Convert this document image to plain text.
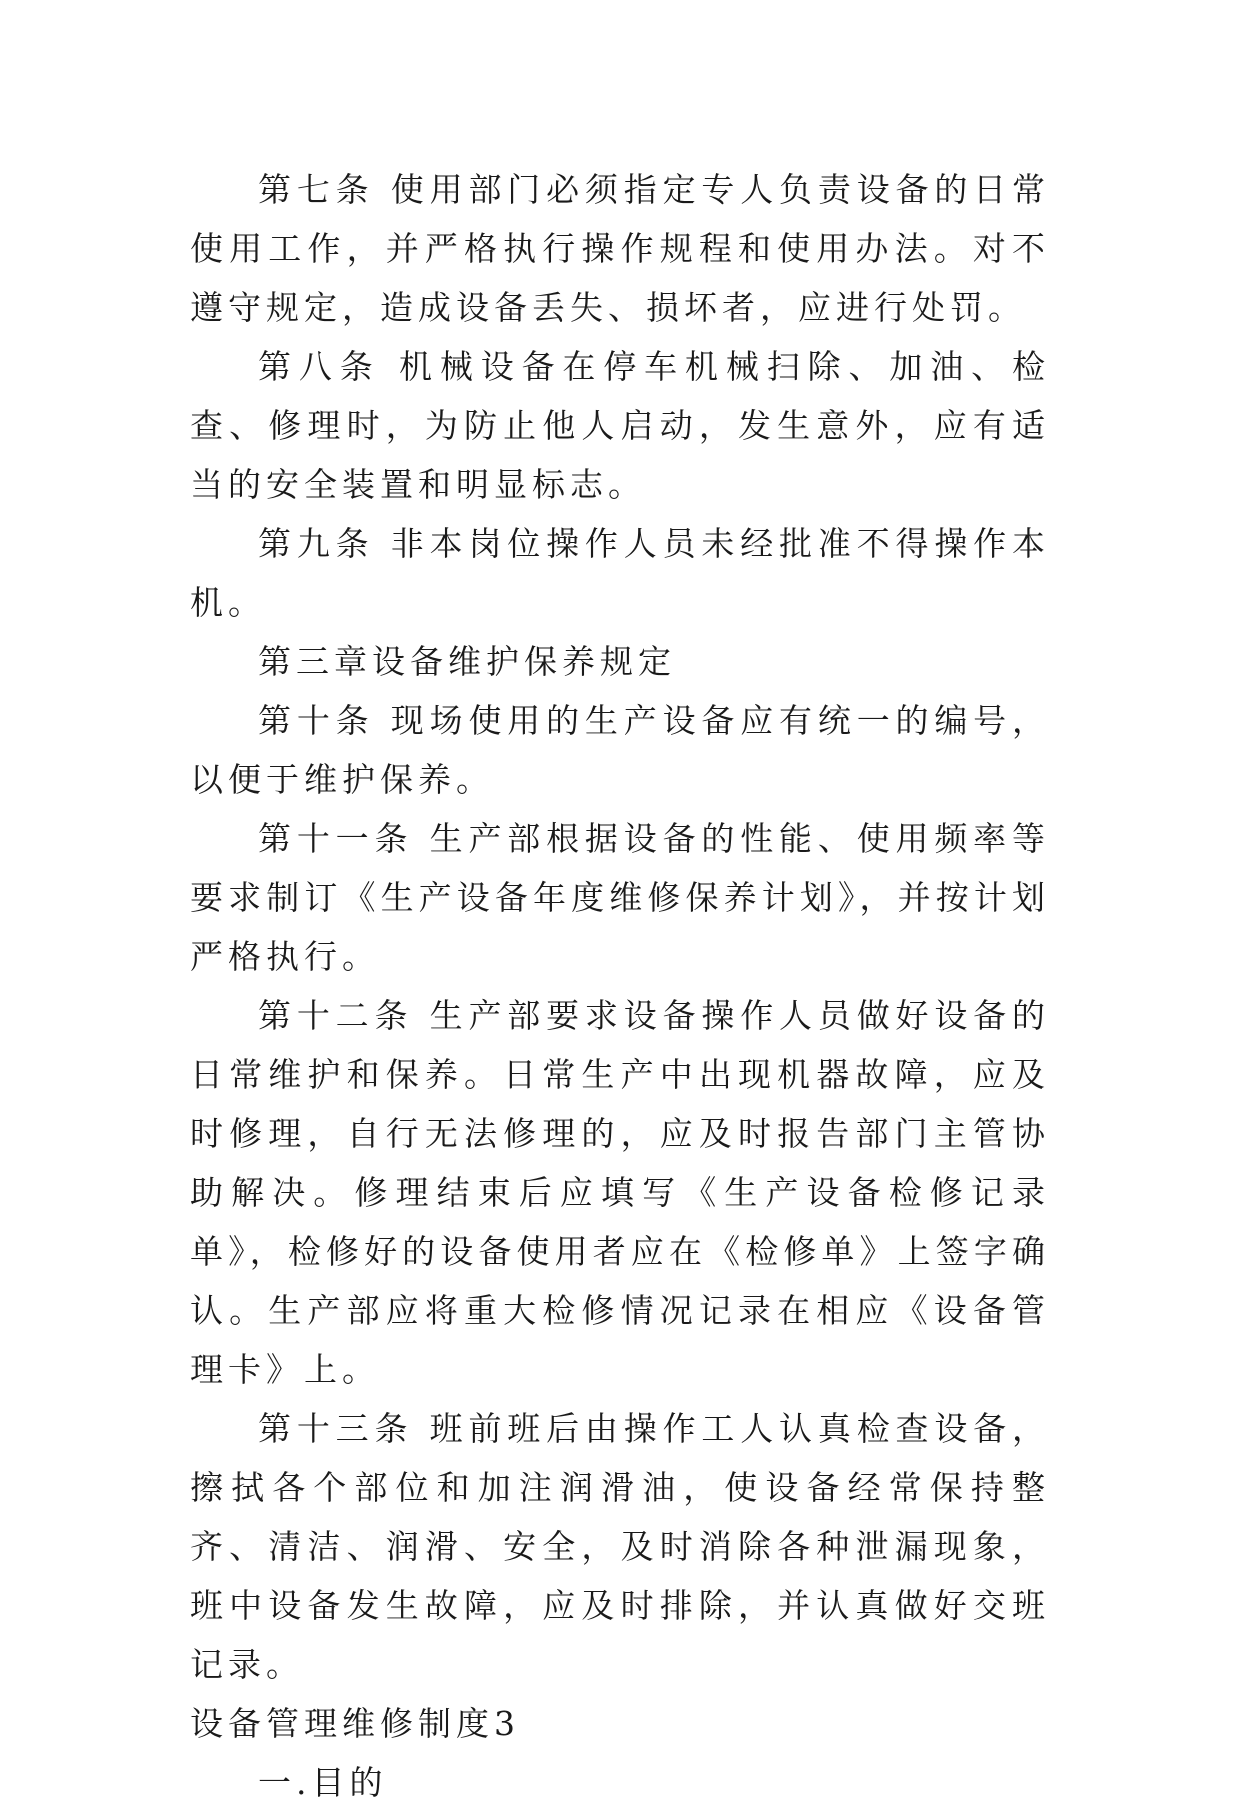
第七条 使用部门必须指定专人负责设备的日常使用工作，并严格执行操作规程和使用办法。对不遵守规定，造成设备丢失、损坏者，应进行处罚。

第八条 机械设备在停车机械扫除、加油、检查、修理时，为防止他人启动，发生意外，应有适当的安全装置和明显标志。

第九条 非本岗位操作人员未经批准不得操作本机。

第三章设备维护保养规定

第十条 现场使用的生产设备应有统一的编号，以便于维护保养。

第十一条 生产部根据设备的性能、使用频率等要求制订《生产设备年度维修保养计划》，并按计划严格执行。

第十二条 生产部要求设备操作人员做好设备的日常维护和保养。日常生产中出现机器故障，应及时修理，自行无法修理的，应及时报告部门主管协助解决。修理结束后应填写《生产设备检修记录单》，检修好的设备使用者应在《检修单》上签字确认。生产部应将重大检修情况记录在相应《设备管理卡》上。

第十三条 班前班后由操作工人认真检查设备，擦拭各个部位和加注润滑油，使设备经常保持整齐、清洁、润滑、安全，及时消除各种泄漏现象，班中设备发生故障，应及时排除，并认真做好交班记录。

设备管理维修制度3

一.目的
